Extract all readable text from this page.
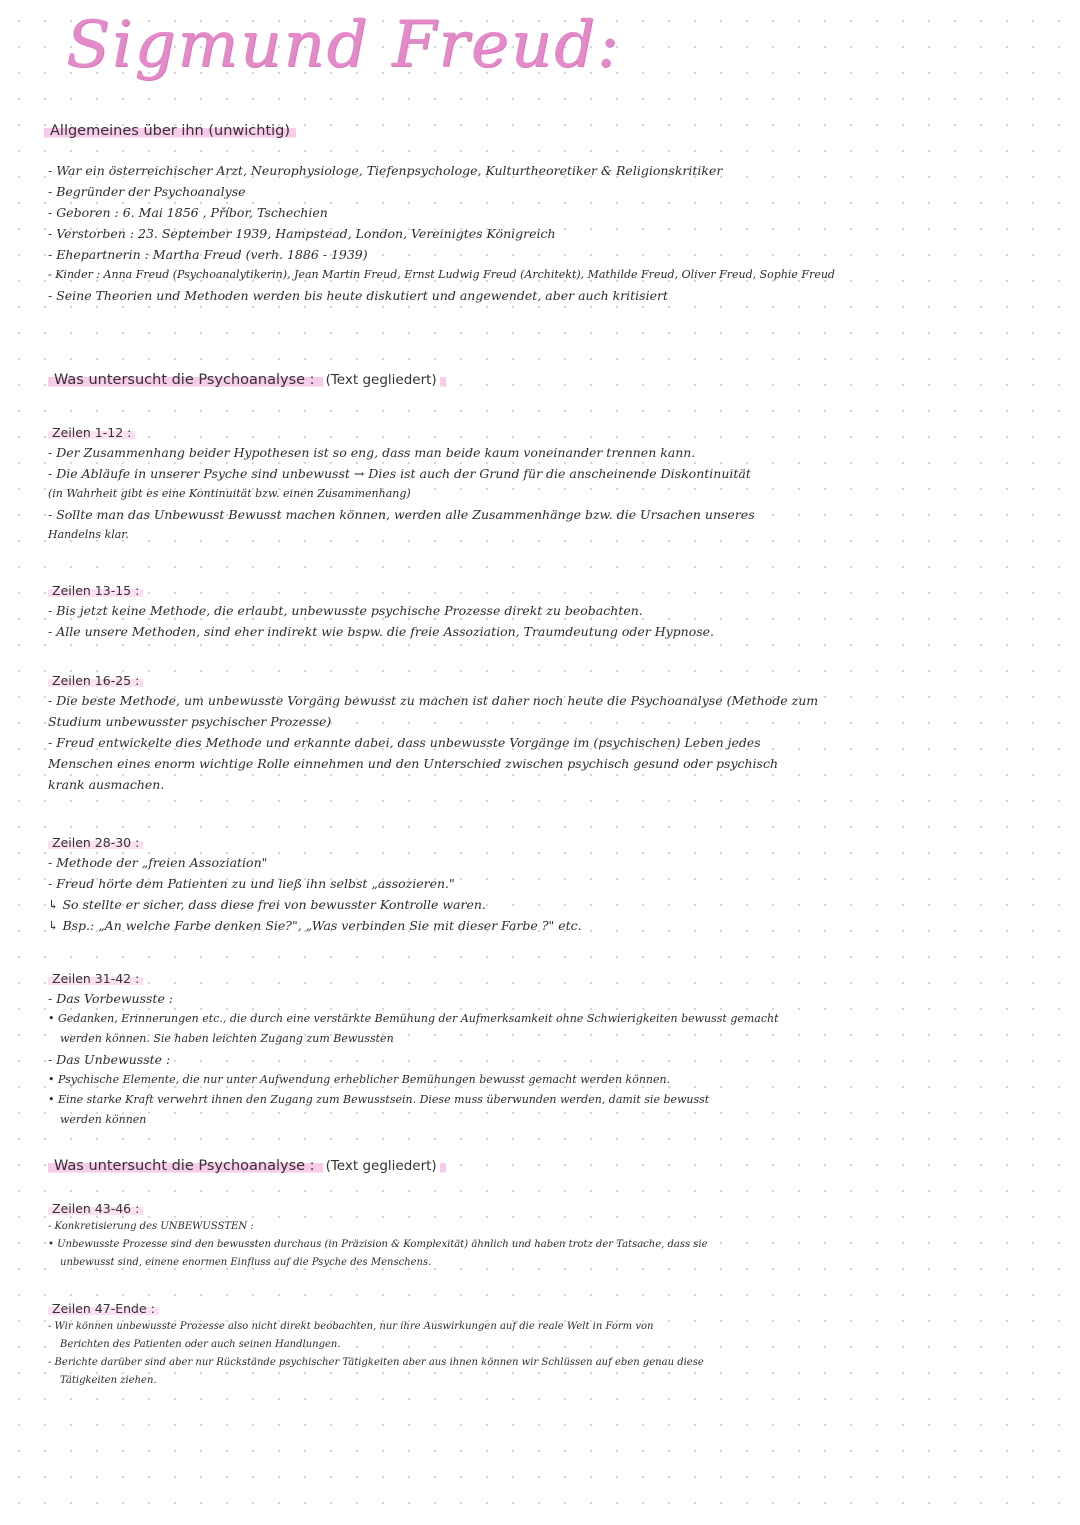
Sigmund Freud:
Allgemeines über ihn (unwichtig)
- War ein österreichischer Arzt, Neurophysiologe, Tiefenpsychologe, Kulturtheoretiker & Religionskritiker
- Begründer der Psychoanalyse
- Geboren : 6. Mai 1856 , Příbor, Tschechien
- Verstorben : 23. September 1939, Hampstead, London, Vereinigtes Königreich
- Ehepartnerin : Martha Freud (verh. 1886 - 1939)
- Kinder : Anna Freud (Psychoanalytikerin), Jean Martin Freud, Ernst Ludwig Freud (Architekt), Mathilde Freud, Oliver Freud, Sophie Freud
- Seine Theorien und Methoden werden bis heute diskutiert und angewendet, aber auch kritisiert
Was untersucht die Psychoanalyse : (Text gegliedert)
Zeilen 1-12 :
- Der Zusammenhang beider Hypothesen ist so eng, dass man beide kaum voneinander trennen kann.
- Die Abläufe in unserer Psyche sind unbewusst → Dies ist auch der Grund für die anscheinende Diskontinuität
(in Wahrheit gibt es eine Kontinuität bzw. einen Zusammenhang)
- Sollte man das Unbewusst Bewusst machen können, werden alle Zusammenhänge bzw. die Ursachen unseres
Handelns klar.
Zeilen 13-15 :
- Bis jetzt keine Methode, die erlaubt, unbewusste psychische Prozesse direkt zu beobachten.
- Alle unsere Methoden, sind eher indirekt wie bspw. die freie Assoziation, Traumdeutung oder Hypnose.
Zeilen 16-25 :
- Die beste Methode, um unbewusste Vorgäng bewusst zu machen ist daher noch heute die Psychoanalyse (Methode zum
Studium unbewusster psychischer Prozesse)
- Freud entwickelte dies Methode und erkannte dabei, dass unbewusste Vorgänge im (psychischen) Leben jedes
Menschen eines enorm wichtige Rolle einnehmen und den Unterschied zwischen psychisch gesund oder psychisch
krank ausmachen.
Zeilen 28-30 :
- Methode der „freien Assoziation"
- Freud hörte dem Patienten zu und ließ ihn selbst „assozieren."
↳ So stellte er sicher, dass diese frei von bewusster Kontrolle waren.
↳ Bsp.: „An welche Farbe denken Sie?", „Was verbinden Sie mit dieser Farbe ?" etc.
Zeilen 31-42 :
- Das Vorbewusste :
• Gedanken, Erinnerungen etc., die durch eine verstärkte Bemühung der Aufmerksamkeit ohne Schwierigkeiten bewusst gemacht
werden können. Sie haben leichten Zugang zum Bewussten
- Das Unbewusste :
• Psychische Elemente, die nur unter Aufwendung erheblicher Bemühungen bewusst gemacht werden können.
• Eine starke Kraft verwehrt ihnen den Zugang zum Bewusstsein. Diese muss überwunden werden, damit sie bewusst
werden können
Was untersucht die Psychoanalyse : (Text gegliedert)
Zeilen 43-46 :
- Konkretisierung des UNBEWUSSTEN :
• Unbewusste Prozesse sind den bewussten durchaus (in Präzision & Komplexität) ähnlich und haben trotz der Tatsache, dass sie
unbewusst sind, einene enormen Einfluss auf die Psyche des Menschens.
Zeilen 47-Ende :
- Wir können unbewusste Prozesse also nicht direkt beobachten, nur ihre Auswirkungen auf die reale Welt in Form von
Berichten des Patienten oder auch seinen Handlungen.
- Berichte darüber sind aber nur Rückstände psychischer Tätigkeiten aber aus ihnen können wir Schlüssen auf eben genau diese
Tätigkeiten ziehen.
